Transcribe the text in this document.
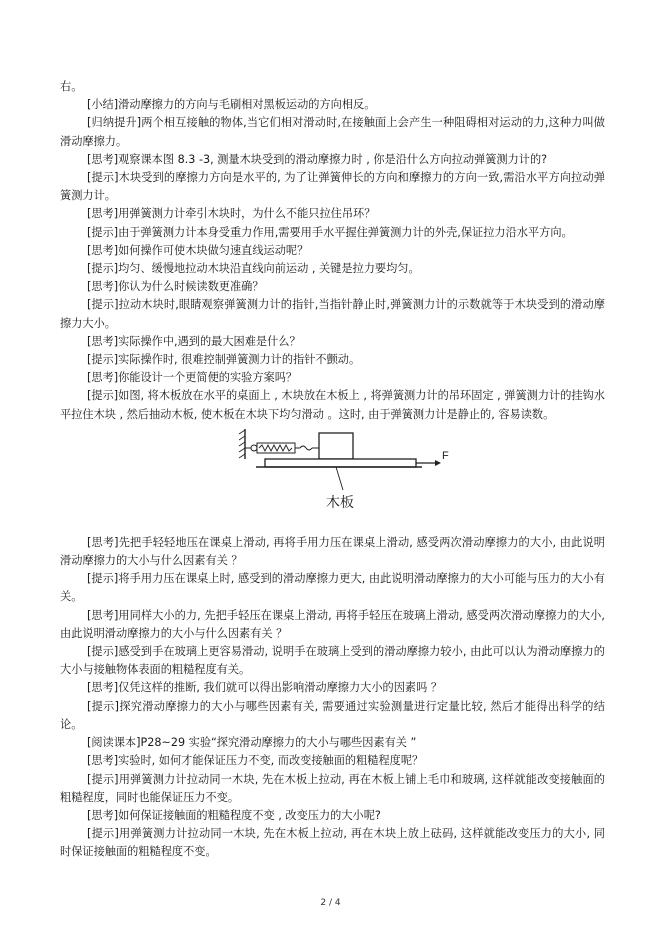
右。

[小结]滑动摩擦力的方向与毛刷相对黑板运动的方向相反。

[归纳提升]两个相互接触的物体,当它们相对滑动时,在接触面上会产生一种阻碍相对运动的力,这种力叫做滑动摩擦力。

[思考]观察课本图 8.3 -3, 测量木块受到的滑动摩擦力时 , 你是沿什么方向拉动弹簧测力计的?

[提示]木块受到的摩擦力方向是水平的, 为了让弹簧伸长的方向和摩擦力的方向一致,需沿水平方向拉动弹簧测力计。

[思考]用弹簧测力计牵引木块时，为什么不能只拉住吊环？

[提示]由于弹簧测力计本身受重力作用,需要用手水平握住弹簧测力计的外壳,保证拉力沿水平方向。

[思考]如何操作可使木块做匀速直线运动呢？

[提示]均匀、缓慢地拉动木块沿直线向前运动 , 关键是拉力要均匀。

[思考]你认为什么时候读数更准确？

[提示]拉动木块时,眼睛观察弹簧测力计的指针,当指针静止时,弹簧测力计的示数就等于木块受到的滑动摩擦力大小。

[思考]实际操作中,遇到的最大困难是什么？

[提示]实际操作时, 很难控制弹簧测力计的指针不颤动。

[思考]你能设计一个更简便的实验方案吗？

[提示]如图, 将木板放在水平的桌面上 , 木块放在木板上 , 将弹簧测力计的吊环固定 , 弹簧测力计的挂钩水平拉住木块 , 然后抽动木板, 使木板在木块下均匀滑动 。这时, 由于弹簧测力计是静止的, 容易读数。

F
木板

[思考]先把手轻轻地压在课桌上滑动, 再将手用力压在课桌上滑动, 感受两次滑动摩擦力的大小, 由此说明滑动摩擦力的大小与什么因素有关 ？

[提示]将手用力压在课桌上时, 感受到的滑动摩擦力更大, 由此说明滑动摩擦力的大小可能与压力的大小有关。

[思考]用同样大小的力, 先把手轻压在课桌上滑动, 再将手轻压在玻璃上滑动, 感受两次滑动摩擦力的大小, 由此说明滑动摩擦力的大小与什么因素有关 ？

[提示]感受到手在玻璃上更容易滑动, 说明手在玻璃上受到的滑动摩擦力较小, 由此可以认为滑动摩擦力的大小与接触物体表面的粗糙程度有关。

[思考]仅凭这样的推断, 我们就可以得出影响滑动摩擦力大小的因素吗 ？

[提示]探究滑动摩擦力的大小与哪些因素有关, 需要通过实验测量进行定量比较, 然后才能得出科学的结论。

[阅读课本]P28~29 实验“探究滑动摩擦力的大小与哪些因素有关 ”

[思考]实验时, 如何才能保证压力不变, 而改变接触面的粗糙程度呢？

[提示]用弹簧测力计拉动同一木块, 先在木板上拉动, 再在木板上铺上毛巾和玻璃, 这样就能改变接触面的粗糙程度，同时也能保证压力不变。

[思考]如何保证接触面的粗糙程度不变 , 改变压力的大小呢?

[提示]用弹簧测力计拉动同一木块, 先在木板上拉动, 再在木块上放上砝码, 这样就能改变压力的大小, 同时保证接触面的粗糙程度不变。

2 / 4
